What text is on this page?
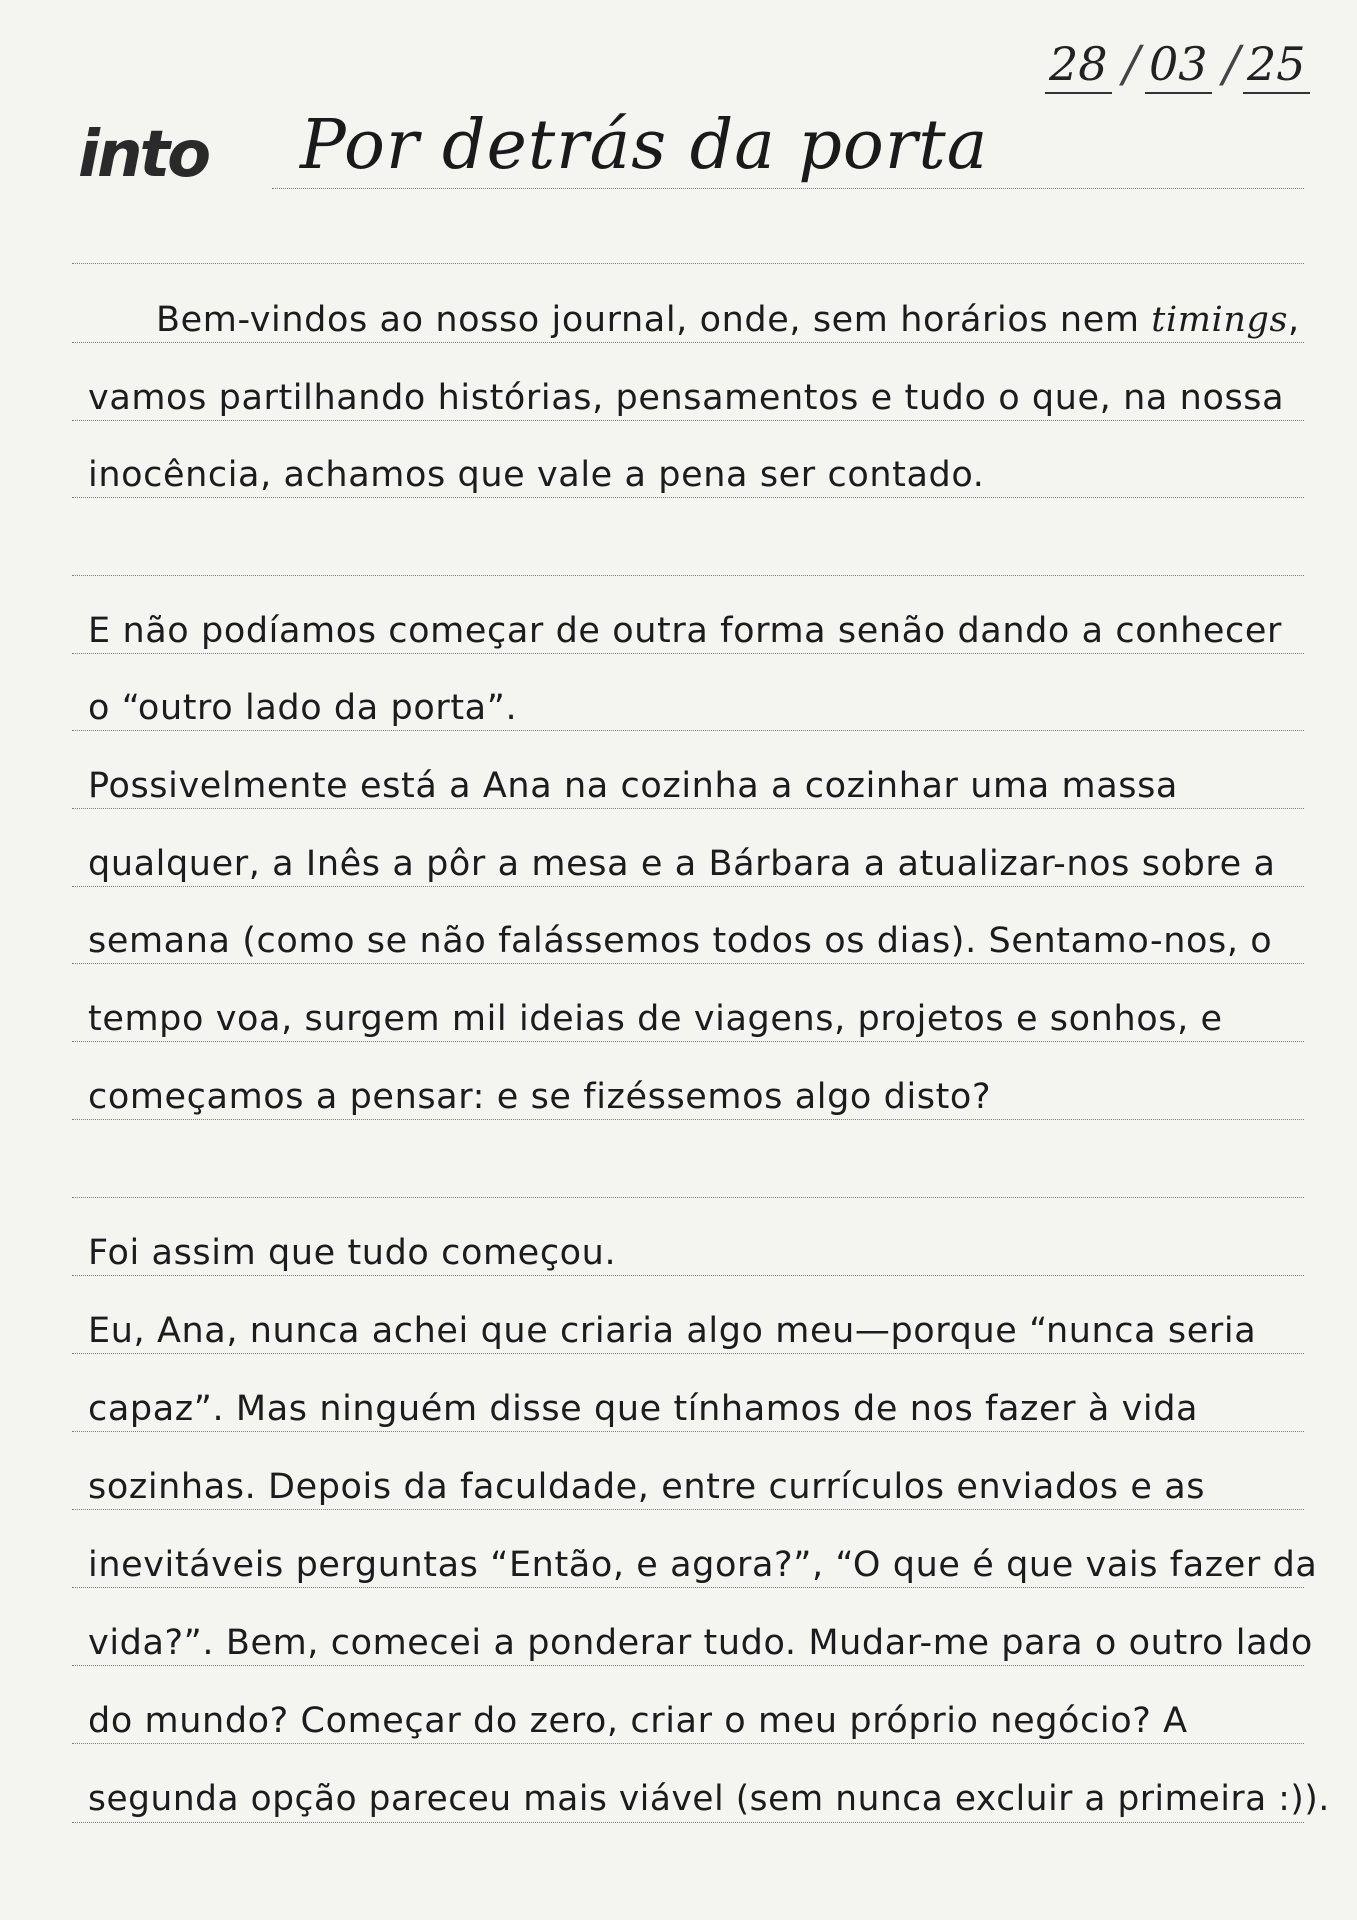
28 / 03 / 25
into Por detrás da porta
Bem-vindos ao nosso journal, onde, sem horários nem timings,
vamos partilhando histórias, pensamentos e tudo o que, na nossa
inocência, achamos que vale a pena ser contado.
E não podíamos começar de outra forma senão dando a conhecer
o “outro lado da porta”.
Possivelmente está a Ana na cozinha a cozinhar uma massa
qualquer, a Inês a pôr a mesa e a Bárbara a atualizar-nos sobre a
semana (como se não falássemos todos os dias). Sentamo-nos, o
tempo voa, surgem mil ideias de viagens, projetos e sonhos, e
começamos a pensar: e se fizéssemos algo disto?
Foi assim que tudo começou.
Eu, Ana, nunca achei que criaria algo meu—porque “nunca seria
capaz”. Mas ninguém disse que tínhamos de nos fazer à vida
sozinhas. Depois da faculdade, entre currículos enviados e as
inevitáveis perguntas “Então, e agora?”, “O que é que vais fazer da
vida?”. Bem, comecei a ponderar tudo. Mudar-me para o outro lado
do mundo? Começar do zero, criar o meu próprio negócio? A
segunda opção pareceu mais viável (sem nunca excluir a primeira :)).
